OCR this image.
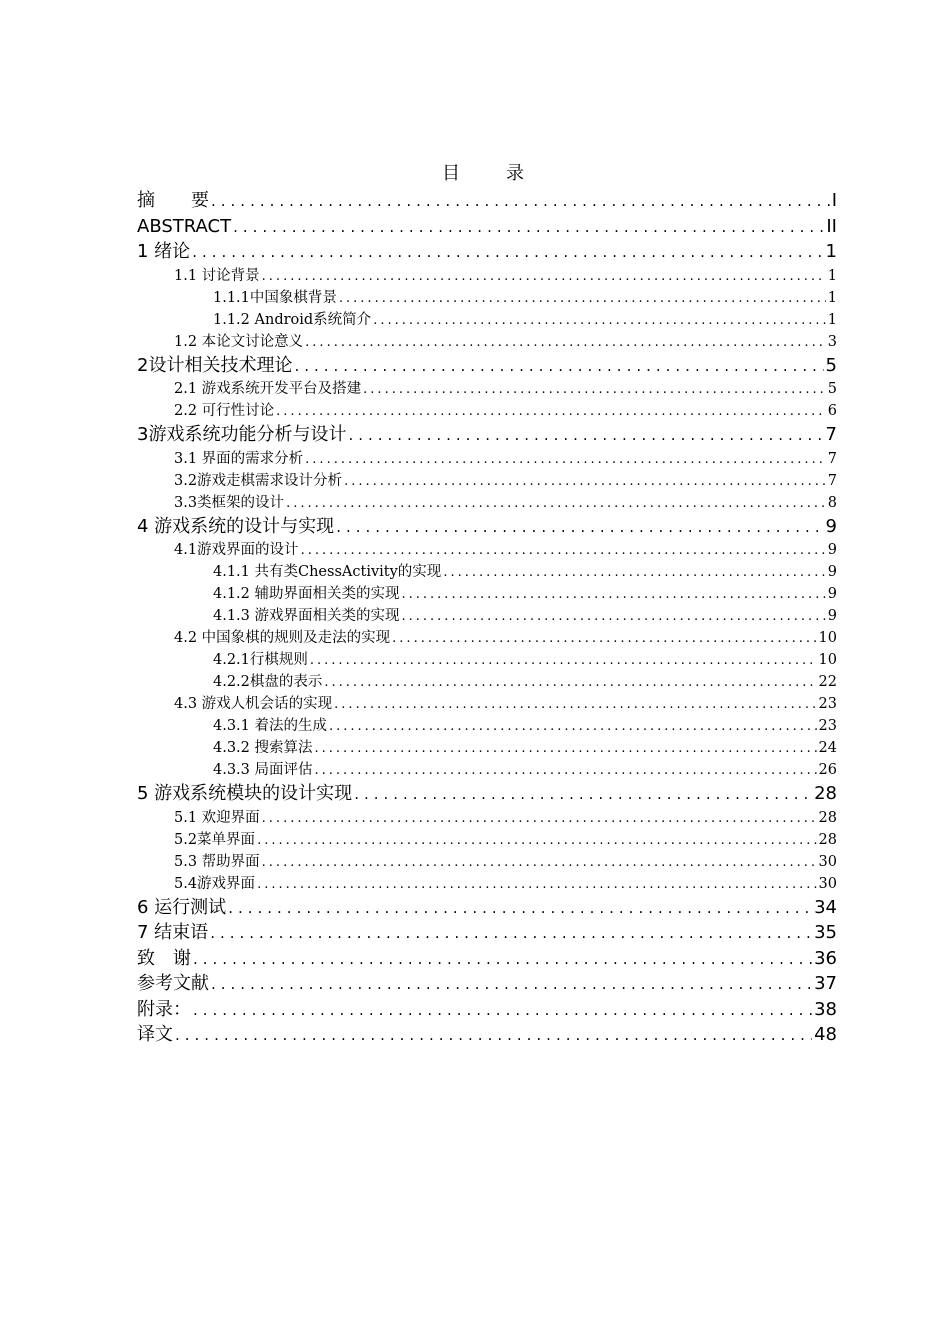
目　录
摘　　要 .....	I
ABSTRACT .....	II
1 绪论 .....	1
1.1 讨论背景 .....	1
1.1.1中国象棋背景 .....	1
1.1.2 Android系统简介 .....	1
1.2 本论文讨论意义 .....	3
2设计相关技术理论 .....	5
2.1 游戏系统开发平台及搭建 .....	5
2.2 可行性讨论 .....	6
3游戏系统功能分析与设计 .....	7
3.1 界面的需求分析 .....	7
3.2游戏走棋需求设计分析 .....	7
3.3类框架的设计 .....	8
4 游戏系统的设计与实现 .....	9
4.1游戏界面的设计 .....	9
4.1.1 共有类ChessActivity的实现 .....	9
4.1.2 辅助界面相关类的实现 .....	9
4.1.3 游戏界面相关类的实现 .....	9
4.2 中国象棋的规则及走法的实现 .....	10
4.2.1行棋规则 .....	10
4.2.2棋盘的表示 .....	22
4.3 游戏人机会话的实现 .....	23
4.3.1 着法的生成 .....	23
4.3.2 搜索算法 .....	24
4.3.3 局面评估 .....	26
5 游戏系统模块的设计实现 .....	28
5.1 欢迎界面 .....	28
5.2菜单界面 .....	28
5.3 帮助界面 .....	30
5.4游戏界面 .....	30
6 运行测试 .....	34
7 结束语 .....	35
致　谢 .....	36
参考文献 .....	37
附录： .....	38
译文 .....	48
